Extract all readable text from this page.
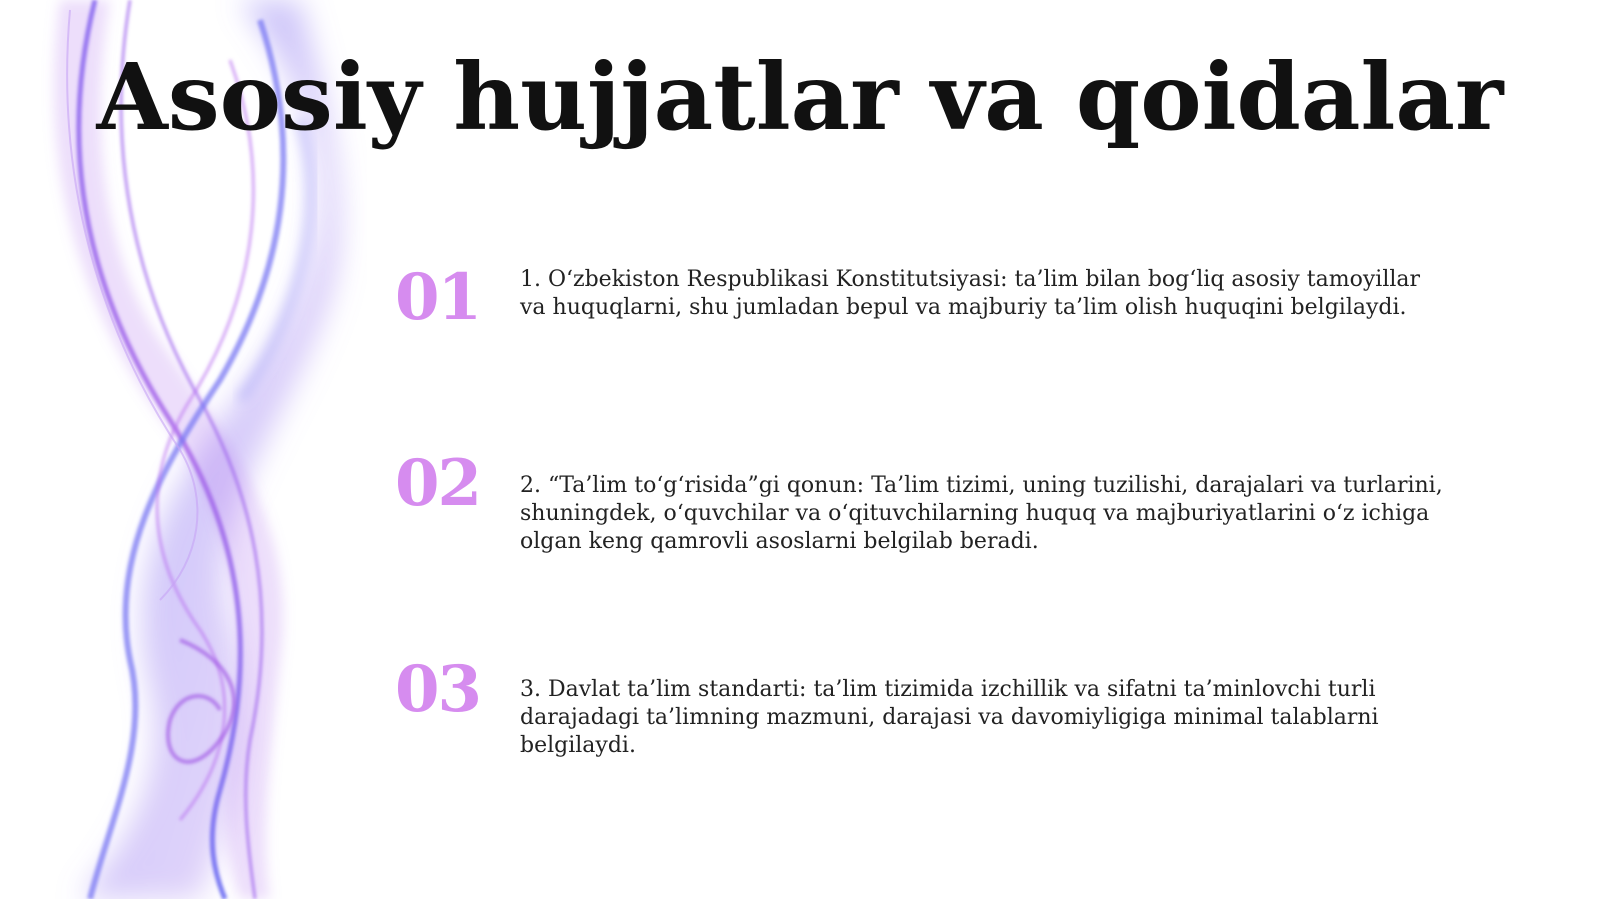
Asosiy hujjatlar va qoidalar
01 1. O‘zbekiston Respublikasi Konstitutsiyasi: ta’lim bilan bog‘liq asosiy tamoyillar va huquqlarni, shu jumladan bepul va majburiy ta’lim olish huquqini belgilaydi.
02 2. “Ta’lim to‘g‘risida”gi qonun: Ta’lim tizimi, uning tuzilishi, darajalari va turlarini, shuningdek, o‘quvchilar va o‘qituvchilarning huquq va majburiyatlarini o‘z ichiga olgan keng qamrovli asoslarni belgilab beradi.
03 3. Davlat ta’lim standarti: ta’lim tizimida izchillik va sifatni ta’minlovchi turli darajadagi ta’limning mazmuni, darajasi va davomiyligiga minimal talablarni belgilaydi.
